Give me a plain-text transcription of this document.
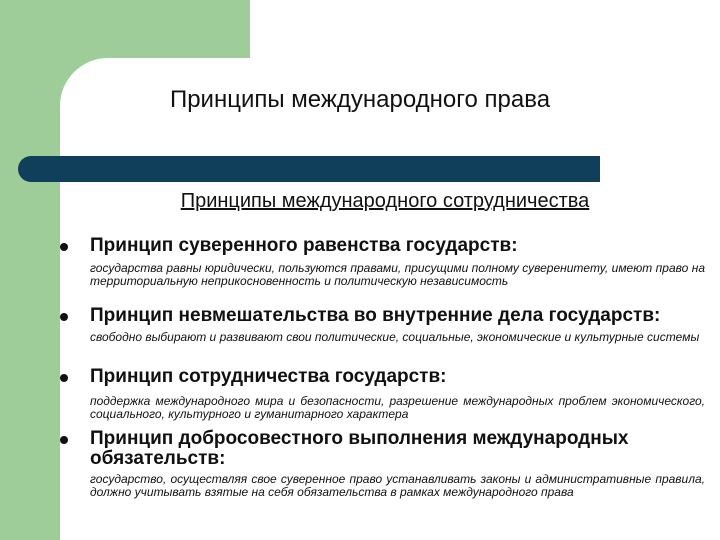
Принципы международного права
Принципы международного сотрудничества
Принцип суверенного равенства государств:
государства равны юридически, пользуются правами, присущими полному суверенитету, имеют право на территориальную неприкосновенность и политическую независимость
Принцип невмешательства во внутренние дела государств:
свободно выбирают и развивают свои политические, социальные, экономические и культурные системы
Принцип сотрудничества государств:
поддержка международного мира и безопасности, разрешение международных проблем экономического, социального, культурного и гуманитарного характера
Принцип добросовестного выполнения международных обязательств:
государство, осуществляя свое суверенное право устанавливать законы и административные правила, должно учитывать взятые на себя обязательства в рамках международного права
